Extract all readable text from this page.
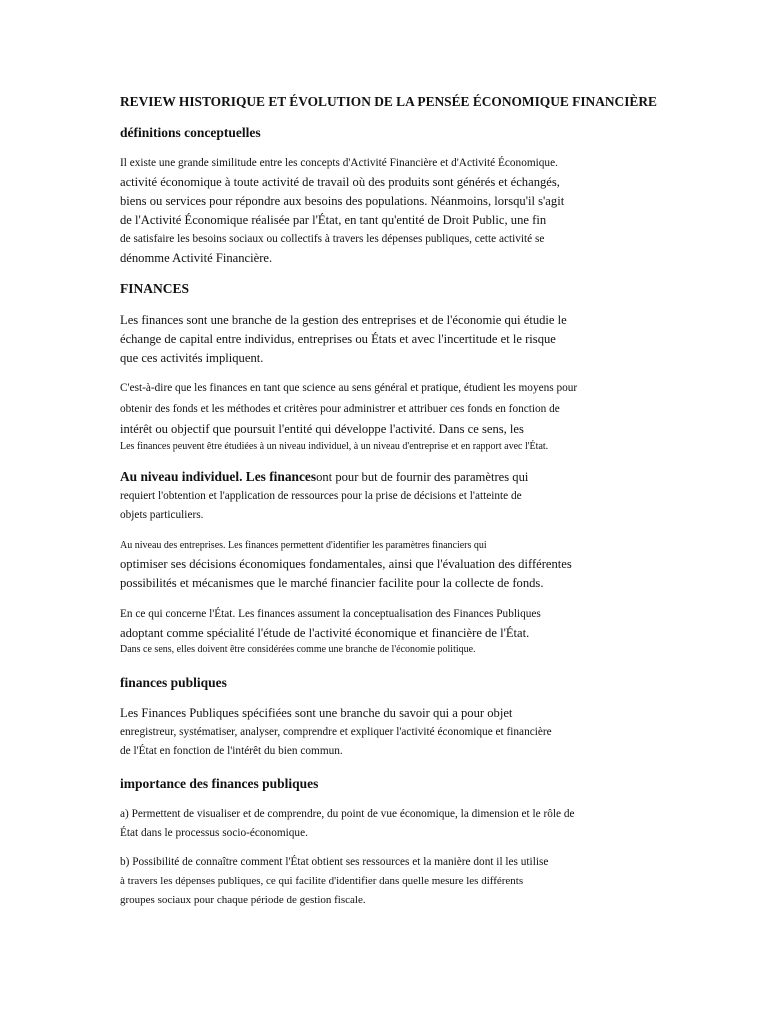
REVIEW HISTORIQUE ET ÉVOLUTION DE LA PENSÉE ÉCONOMIQUE FINANCIÈRE
définitions conceptuelles
Il existe une grande similitude entre les concepts d'Activité Financière et d'Activité Économique.
activité économique à toute activité de travail où des produits sont générés et échangés,
biens ou services pour répondre aux besoins des populations. Néanmoins, lorsqu'il s'agit
de l'Activité Économique réalisée par l'État, en tant qu'entité de Droit Public, une fin
de satisfaire les besoins sociaux ou collectifs à travers les dépenses publiques, cette activité se
dénomme Activité Financière.
FINANCES
Les finances sont une branche de la gestion des entreprises et de l'économie qui étudie le
échange de capital entre individus, entreprises ou États et avec l'incertitude et le risque
que ces activités impliquent.
C'est-à-dire que les finances en tant que science au sens général et pratique, étudient les moyens pour
obtenir des fonds et les méthodes et critères pour administrer et attribuer ces fonds en fonction de
intérêt ou objectif que poursuit l'entité qui développe l'activité. Dans ce sens, les
Les finances peuvent être étudiées à un niveau individuel, à un niveau d'entreprise et en rapport avec l'État.
Au niveau individuel. Les financesont pour but de fournir des paramètres qui
requiert l'obtention et l'application de ressources pour la prise de décisions et l'atteinte de
objets particuliers.
Au niveau des entreprises. Les finances permettent d'identifier les paramètres financiers qui
optimiser ses décisions économiques fondamentales, ainsi que l'évaluation des différentes
possibilités et mécanismes que le marché financier facilite pour la collecte de fonds.
En ce qui concerne l'État. Les finances assument la conceptualisation des Finances Publiques
adoptant comme spécialité l'étude de l'activité économique et financière de l'État.
Dans ce sens, elles doivent être considérées comme une branche de l'économie politique.
finances publiques
Les Finances Publiques spécifiées sont une branche du savoir qui a pour objet
enregistreur, systématiser, analyser, comprendre et expliquer l'activité économique et financière
de l'État en fonction de l'intérêt du bien commun.
importance des finances publiques
a) Permettent de visualiser et de comprendre, du point de vue économique, la dimension et le rôle de
État dans le processus socio-économique.
b) Possibilité de connaître comment l'État obtient ses ressources et la manière dont il les utilise
à travers les dépenses publiques, ce qui facilite d'identifier dans quelle mesure les différents
groupes sociaux pour chaque période de gestion fiscale.
